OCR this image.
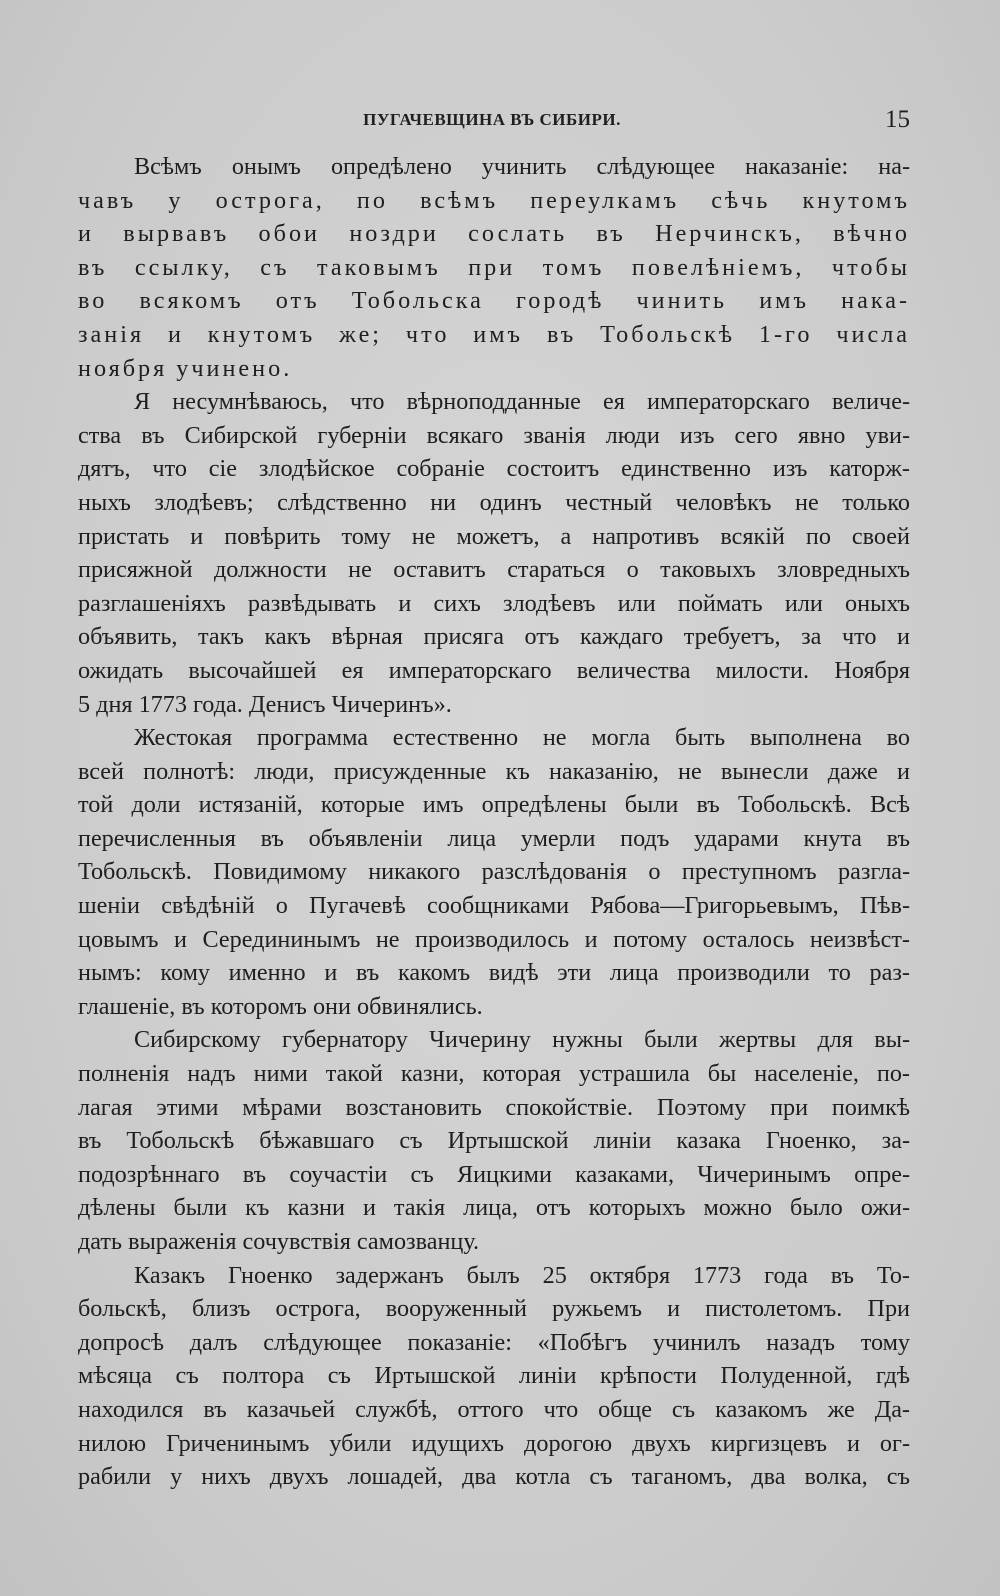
ПУГАЧЕВЩИНА ВЪ СИБИРИ.	15
Всѣмъ онымъ опредѣлено учинить слѣдующее наказаніе: на-
чавъ у острога, по всѣмъ переулкамъ сѣчь кнутомъ
и вырвавъ обои ноздри сослать въ Нерчинскъ, вѣчно
въ ссылку, съ таковымъ при томъ повелѣніемъ, чтобы
во всякомъ отъ Тобольска городѣ чинить имъ нака-
занія и кнутомъ же; что имъ въ Тобольскѣ 1-го числа
ноября учинено.
Я несумнѣваюсь, что вѣрноподданные ея императорскаго величе-
ства въ Сибирской губерніи всякаго званія люди изъ сего явно уви-
дятъ, что сіе злодѣйское собраніе состоитъ единственно изъ каторж-
ныхъ злодѣевъ; слѣдственно ни одинъ честный человѣкъ не только
пристать и повѣрить тому не можетъ, а напротивъ всякій по своей
присяжной должности не оставитъ стараться о таковыхъ зловредныхъ
разглашеніяхъ развѣдывать и сихъ злодѣевъ или поймать или оныхъ
объявить, такъ какъ вѣрная присяга отъ каждаго требуетъ, за что и
ожидать высочайшей ея императорскаго величества милости. Ноября
5 дня 1773 года. Денисъ Чичеринъ».
Жестокая программа естественно не могла быть выполнена во
всей полнотѣ: люди, присужденные къ наказанію, не вынесли даже и
той доли истязаній, которые имъ опредѣлены были въ Тобольскѣ. Всѣ
перечисленныя въ объявленіи лица умерли подъ ударами кнута въ
Тобольскѣ. Повидимому никакого разслѣдованія о преступномъ разгла-
шеніи свѣдѣній о Пугачевѣ сообщниками Рябова—Григорьевымъ, Пѣв-
цовымъ и Середининымъ не производилось и потому осталось неизвѣст-
нымъ: кому именно и въ какомъ видѣ эти лица производили то раз-
глашеніе, въ которомъ они обвинялись.
Сибирскому губернатору Чичерину нужны были жертвы для вы-
полненія надъ ними такой казни, которая устрашила бы населеніе, по-
лагая этими мѣрами возстановить спокойствіе. Поэтому при поимкѣ
въ Тобольскѣ бѣжавшаго съ Иртышской линіи казака Гноенко, за-
подозрѣннаго въ соучастіи съ Яицкими казаками, Чичеринымъ опре-
дѣлены были къ казни и такія лица, отъ которыхъ можно было ожи-
дать выраженія сочувствія самозванцу.
Казакъ Гноенко задержанъ былъ 25 октября 1773 года въ То-
больскѣ, близъ острога, вооруженный ружьемъ и пистолетомъ. При
допросѣ далъ слѣдующее показаніе: «Побѣгъ учинилъ назадъ тому
мѣсяца съ полтора съ Иртышской линіи крѣпости Полуденной, гдѣ
находился въ казачьей службѣ, оттого что обще съ казакомъ же Да-
нилою Гриченинымъ убили идущихъ дорогою двухъ киргизцевъ и ог-
рабили у нихъ двухъ лошадей, два котла съ таганомъ, два волка, съ
